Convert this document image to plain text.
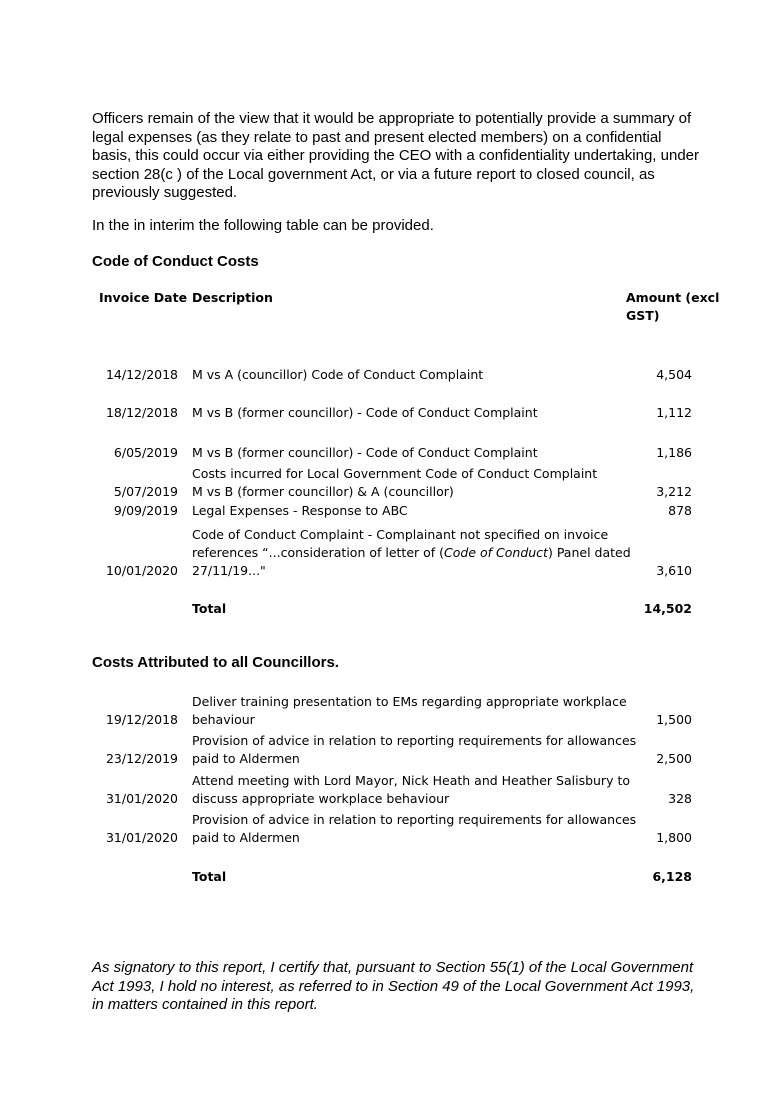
Officers remain of the view that it would be appropriate to potentially provide a summary of legal expenses (as they relate to past and present elected members) on a confidential basis, this could occur via either providing the CEO with a confidentiality undertaking, under section 28(c ) of the Local government Act, or via a future report to closed council, as previously suggested.

In the in interim the following table can be provided.

Code of Conduct Costs
Invoice Date Description	Amount (excl
GST)
14/12/2018 M vs A (councillor) Code of Conduct Complaint	4,504
18/12/2018 M vs B (former councillor) - Code of Conduct Complaint	1,112
6/05/2019 M vs B (former councillor) - Code of Conduct Complaint	1,186
Costs incurred for Local Government Code of Conduct Complaint
5/07/2019 M vs B (former councillor) & A (councillor)	3,212
9/09/2019 Legal Expenses - Response to ABC	878
Code of Conduct Complaint - Complainant not specified on invoice
references “...consideration of letter of (Code of Conduct) Panel dated
10/01/2020 27/11/19..."	3,610
Total	14,502
Costs Attributed to all Councillors.
Deliver training presentation to EMs regarding appropriate workplace
19/12/2018 behaviour	1,500
Provision of advice in relation to reporting requirements for allowances
23/12/2019 paid to Aldermen	2,500
Attend meeting with Lord Mayor, Nick Heath and Heather Salisbury to
31/01/2020 discuss appropriate workplace behaviour	328
Provision of advice in relation to reporting requirements for allowances
31/01/2020 paid to Aldermen	1,800
Total	6,128

As signatory to this report, I certify that, pursuant to Section 55(1) of the Local Government Act 1993, I hold no interest, as referred to in Section 49 of the Local Government Act 1993, in matters contained in this report.
